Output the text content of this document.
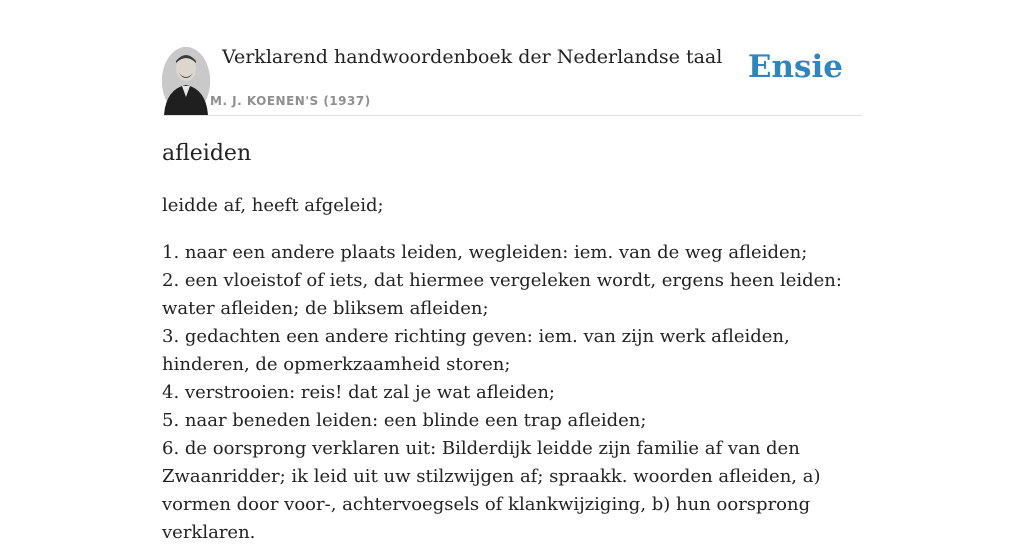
Verklarend handwoordenboek der Nederlandse taal
M. J. KOENEN'S (1937)
Ensie
afleiden

leidde af, heeft afgeleid;

1. naar een andere plaats leiden, wegleiden: iem. van de weg afleiden;
2. een vloeistof of iets, dat hiermee vergeleken wordt, ergens heen leiden: water afleiden; de bliksem afleiden;
3. gedachten een andere richting geven: iem. van zijn werk afleiden, hinderen, de opmerkzaamheid storen;
4. verstrooien: reis! dat zal je wat afleiden;
5. naar beneden leiden: een blinde een trap afleiden;
6. de oorsprong verklaren uit: Bilderdijk leidde zijn familie af van den Zwaanridder; ik leid uit uw stilzwijgen af; spraakk. woorden afleiden, a) vormen door voor-, achtervoegsels of klankwijziging, b) hun oorsprong verklaren.
